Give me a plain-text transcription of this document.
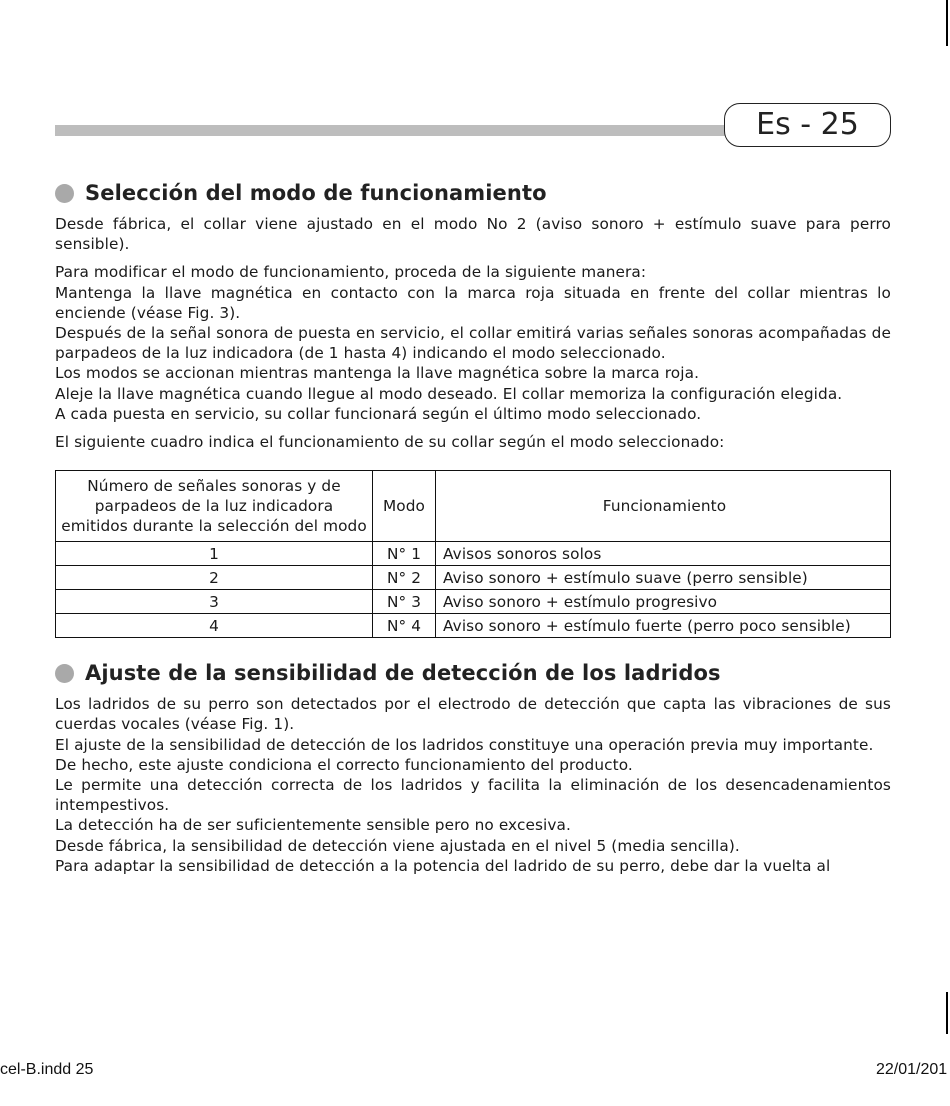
Es - 25
Selección del modo de funcionamiento

Desde fábrica, el collar viene ajustado en el modo No 2 (aviso sonoro + estímulo suave para perro sensible).

Para modificar el modo de funcionamiento, proceda de la siguiente manera:

Mantenga la llave magnética en contacto con la marca roja situada en frente del collar mientras lo enciende (véase Fig. 3).

Después de la señal sonora de puesta en servicio, el collar emitirá varias señales sonoras acompañadas de parpadeos de la luz indicadora (de 1 hasta 4) indicando el modo seleccionado.

Los modos se accionan mientras mantenga la llave magnética sobre la marca roja.

Aleje la llave magnética cuando llegue al modo deseado. El collar memoriza la configuración elegida.

A cada puesta en servicio, su collar funcionará según el último modo seleccionado.

El siguiente cuadro indica el funcionamiento de su collar según el modo seleccionado:

Número de señales sonoras y de parpadeos de la luz indicadora emitidos durante la selección del modo	Modo	Funcionamiento
1	N° 1	Avisos sonoros solos
2	N° 2	Aviso sonoro + estímulo suave (perro sensible)
3	N° 3	Aviso sonoro + estímulo progresivo
4	N° 4	Aviso sonoro + estímulo fuerte (perro poco sensible)
Ajuste de la sensibilidad de detección de los ladridos

Los ladridos de su perro son detectados por el electrodo de detección que capta las vibraciones de sus cuerdas vocales (véase Fig. 1).

El ajuste de la sensibilidad de detección de los ladridos constituye una operación previa muy importante.

De hecho, este ajuste condiciona el correcto funcionamiento del producto.

Le permite una detección correcta de los ladridos y facilita la eliminación de los desencadenamientos intempestivos.

La detección ha de ser suficientemente sensible pero no excesiva.

Desde fábrica, la sensibilidad de detección viene ajustada en el nivel 5 (media sencilla).

Para adaptar la sensibilidad de detección a la potencia del ladrido de su perro, debe dar la vuelta al

cel-B.indd 25	22/01/201
